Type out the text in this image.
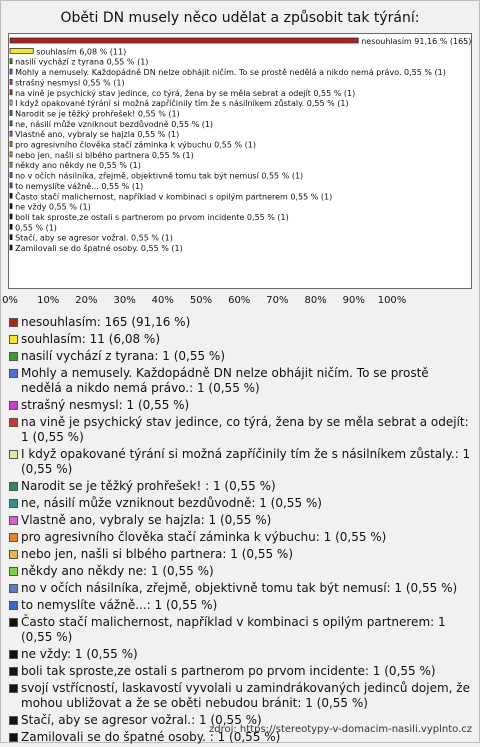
Oběti DN musely něco udělat a způsobit tak týrání:
nesouhlasím 91,16 % (165)
souhlasím 6,08 % (11)
nasilí vychází z tyrana 0,55 % (1)
Mohly a nemusely. Každopádně DN nelze obhájit ničím. To se prostě nedělá a nikdo nemá právo. 0,55 % (1)
strašný nesmysl 0,55 % (1)
na vině je psychický stav jedince, co týrá, žena by se měla sebrat a odejít 0,55 % (1)
I když opakované týrání si možná zapříčinily tím že s násilníkem zůstaly. 0,55 % (1)
Narodit se je těžký prohřešek! 0,55 % (1)
ne, násilí může vzniknout bezdůvodně 0,55 % (1)
Vlastně ano, vybraly se hajzla 0,55 % (1)
pro agresivního člověka stačí záminka k výbuchu 0,55 % (1)
nebo jen, našli si blbého partnera 0,55 % (1)
někdy ano někdy ne 0,55 % (1)
no v očích násilníka, zřejmě, objektivně tomu tak být nemusí 0,55 % (1)
to nemyslíte vážně... 0,55 % (1)
Často stačí malichernost, například v kombinaci s opilým partnerem 0,55 % (1)
ne vždy 0,55 % (1)
boli tak sproste,ze ostali s partnerom po prvom incidente 0,55 % (1)
0,55 % (1)
Stačí, aby se agresor vožral. 0,55 % (1)
Zamilovali se do špatné osoby. 0,55 % (1)
0% 10% 20% 30% 40% 50% 60% 70% 80% 90% 100%
nesouhlasím: 165 (91,16 %)
souhlasím: 11 (6,08 %)
nasilí vychází z tyrana: 1 (0,55 %)
Mohly a nemusely. Každopádně DN nelze obhájit ničím. To se prostě nedělá a nikdo nemá právo.: 1 (0,55 %)
strašný nesmysl: 1 (0,55 %)
na vině je psychický stav jedince, co týrá, žena by se měla sebrat a odejít: 1 (0,55 %)
I když opakované týrání si možná zapříčinily tím že s násilníkem zůstaly.: 1 (0,55 %)
Narodit se je těžký prohřešek! : 1 (0,55 %)
ne, násilí může vzniknout bezdůvodně: 1 (0,55 %)
Vlastně ano, vybraly se hajzla: 1 (0,55 %)
pro agresivního člověka stačí záminka k výbuchu: 1 (0,55 %)
nebo jen, našli si blbého partnera: 1 (0,55 %)
někdy ano někdy ne: 1 (0,55 %)
no v očích násilníka, zřejmě, objektivně tomu tak být nemusí: 1 (0,55 %)
to nemyslíte vážně...: 1 (0,55 %)
Často stačí malichernost, například v kombinaci s opilým partnerem: 1 (0,55 %)
ne vždy: 1 (0,55 %)
boli tak sproste,ze ostali s partnerom po prvom incidente: 1 (0,55 %)
svojí vstřícností, laskavostí vyvolali u zamindrákovaných jedinců dojem, že mohou ubližovat a že se oběti nebudou bránit: 1 (0,55 %)
Stačí, aby se agresor vožral.: 1 (0,55 %)
Zamilovali se do špatné osoby. : 1 (0,55 %)
zdroj: https://stereotypy-v-domacim-nasili.vyplnto.cz
